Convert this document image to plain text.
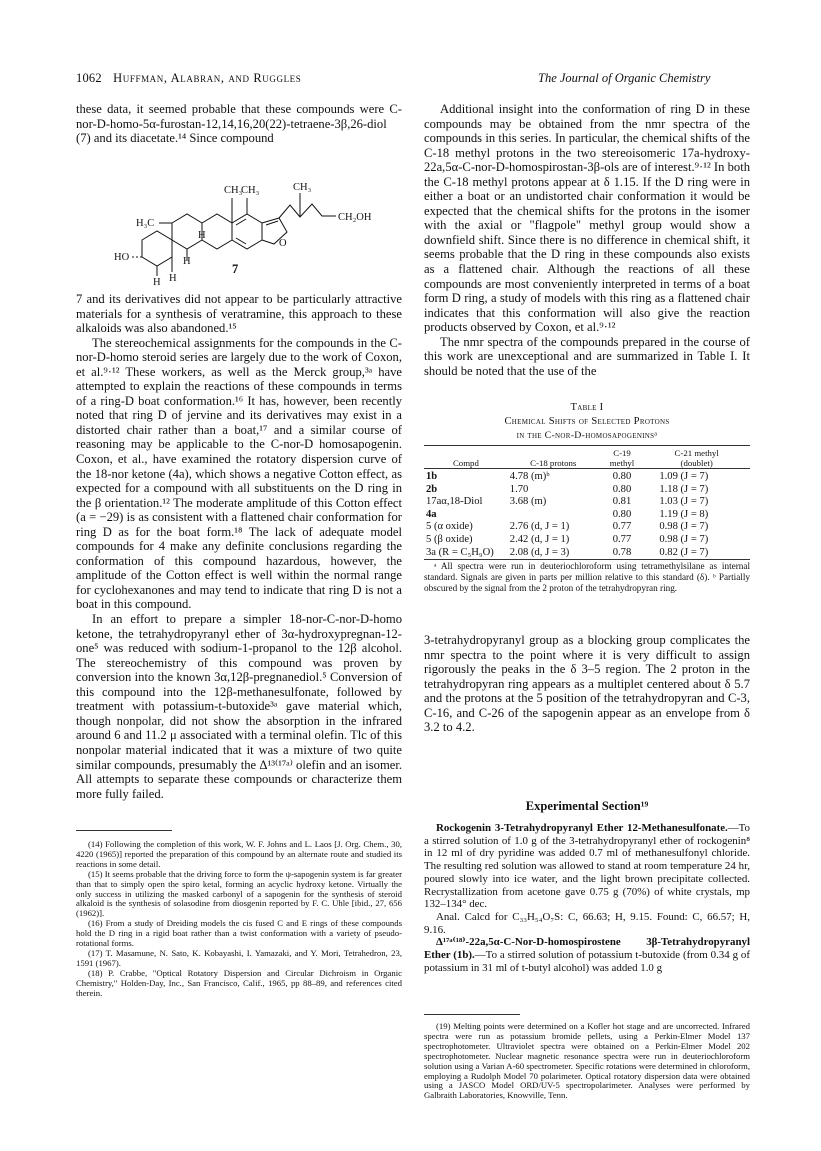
1062 Huffman, Alabran, and Ruggles	The Journal of Organic Chemistry

these data, it seemed probable that these compounds were C-nor-D-homo-5α-furostan-12,14,16,20(22)-tetraene-3β,26-diol (7) and its diacetate.¹⁴ Since compound

CH₃
CH₃	CH₃
H₃C
H
H
H H
CH₂OH
HO
O
7

7 and its derivatives did not appear to be particularly attractive materials for a synthesis of veratramine, this approach to these alkaloids was also abandoned.¹⁵

The stereochemical assignments for the compounds in the C-nor-D-homo steroid series are largely due to the work of Coxon, et al.⁹·¹² These workers, as well as the Merck group,³ᵃ have attempted to explain the reactions of these compounds in terms of a ring-D boat conformation.¹⁶ It has, however, been recently noted that ring D of jervine and its derivatives may exist in a distorted chair rather than a boat,¹⁷ and a similar course of reasoning may be applicable to the C-nor-D homosapogenin. Coxon, et al., have examined the rotatory dispersion curve of the 18-nor ketone (4a), which shows a negative Cotton effect, as expected for a compound with all substituents on the D ring in the β orientation.¹² The moderate amplitude of this Cotton effect (a = −29) is as consistent with a flattened chair conformation for ring D as for the boat form.¹⁸ The lack of adequate model compounds for 4 make any definite conclusions regarding the conformation of this compound hazardous, however, the amplitude of the Cotton effect is well within the normal range for cyclohexanones and may tend to indicate that ring D is not a boat in this compound.

In an effort to prepare a simpler 18-nor-C-nor-D-homo ketone, the tetrahydropyranyl ether of 3α-hydroxypregnan-12-one⁵ was reduced with sodium-1-propanol to the 12β alcohol. The stereochemistry of this compound was proven by conversion into the known 3α,12β-pregnanediol.⁵ Conversion of this compound into the 12β-methanesulfonate, followed by treatment with potassium-t-butoxide³ᵃ gave material which, though nonpolar, did not show the absorption in the infrared around 6 and 11.2 μ associated with a terminal olefin. Tlc of this nonpolar material indicated that it was a mixture of two quite similar compounds, presumably the Δ¹³⁽¹⁷ᵃ⁾ olefin and an isomer. All attempts to separate these compounds or characterize them more fully failed.

(14) Following the completion of this work, W. F. Johns and L. Laos [J. Org. Chem., 30, 4220 (1965)] reported the preparation of this compound by an alternate route and studied its reactions in some detail.

(15) It seems probable that the driving force to form the ψ-sapogenin system is far greater than that to simply open the spiro ketal, forming an acyclic hydroxy ketone. Virtually the only success in utilizing the masked carbonyl of a sapogenin for the synthesis of steroid alkaloid is the synthesis of solasodine from diosgenin reported by F. C. Uhle [ibid., 27, 656 (1962)].

(16) From a study of Dreiding models the cis fused C and E rings of these compounds hold the D ring in a rigid boat rather than a twist conformation with a variety of pseudo-rotational forms.

(17) T. Masamune, N. Sato, K. Kobayashi, I. Yamazaki, and Y. Mori, Tetrahedron, 23, 1591 (1967).

(18) P. Crabbe, "Optical Rotatory Dispersion and Circular Dichroism in Organic Chemistry," Holden-Day, Inc., San Francisco, Calif., 1965, pp 88–89, and references cited therein.

Additional insight into the conformation of ring D in these compounds may be obtained from the nmr spectra of the compounds in this series. In particular, the chemical shifts of the C-18 methyl protons in the two stereoisomeric 17a-hydroxy-22a,5α-C-nor-D-homospirostan-3β-ols are of interest.⁹·¹² In both the C-18 methyl protons appear at δ 1.15. If the D ring were in either a boat or an undistorted chair conformation it would be expected that the chemical shifts for the protons in the isomer with the axial or "flagpole" methyl group would show a downfield shift. Since there is no difference in chemical shift, it seems probable that the D ring in these compounds also exists as a flattened chair. Although the reactions of all these compounds are most conveniently interpreted in terms of a boat form D ring, a study of models with this ring as a flattened chair indicates that this conformation will also give the reaction products observed by Coxon, et al.⁹·¹²

The nmr spectra of the compounds prepared in the course of this work are unexceptional and are summarized in Table I. It should be noted that the use of the

Table I
Chemical Shifts of Selected Protons
in the C-nor-D-homosapogeninsᵃ

		C-19	C-21 methyl
Compd	C-18 protons	methyl	(doublet)

1b	4.78 (m)ᵇ	0.80	1.09 (J = 7)
2b	1.70	0.80	1.18 (J = 7)
17aα,18-Diol	3.68 (m)	0.81	1.03 (J = 7)
4a		0.80	1.19 (J = 8)
5 (α oxide)	2.76 (d, J = 1)	0.77	0.98 (J = 7)
5 (β oxide)	2.42 (d, J = 1)	0.77	0.98 (J = 7)
3a (R = C₅H₉O)	2.08 (d, J = 3)	0.78	0.82 (J = 7)

ᵃ All spectra were run in deuteriochloroform using tetramethylsilane as internal standard. Signals are given in parts per million relative to this standard (δ). ᵇ Partially obscured by the signal from the 2 proton of the tetrahydropyran ring.

3-tetrahydropyranyl group as a blocking group complicates the nmr spectra to the point where it is very difficult to assign rigorously the peaks in the δ 3–5 region. The 2 proton in the tetrahydropyran ring appears as a multiplet centered about δ 5.7 and the protons at the 5 position of the tetrahydropyran and C-3, C-16, and C-26 of the sapogenin appear as an envelope from δ 3.2 to 4.2.

Experimental Section¹⁹

Rockogenin 3-Tetrahydropyranyl Ether 12-Methanesulfonate.—To a stirred solution of 1.0 g of the 3-tetrahydropyranyl ether of rockogenin⁸ in 12 ml of dry pyridine was added 0.7 ml of methanesulfonyl chloride. The resulting red solution was allowed to stand at room temperature 24 hr, poured slowly into ice water, and the light brown precipitate collected. Recrystallization from acetone gave 0.75 g (70%) of white crystals, mp 132–134° dec.

Anal. Calcd for C₃₃H₅₄O₇S: C, 66.63; H, 9.15. Found: C, 66.57; H, 9.16.

Δ¹⁷ᵃ⁽¹⁸⁾-22a,5α-C-Nor-D-homospirostene 3β-Tetrahydropyranyl Ether (1b).—To a stirred solution of potassium t-butoxide (from 0.34 g of potassium in 31 ml of t-butyl alcohol) was added 1.0 g

(19) Melting points were determined on a Kofler hot stage and are uncorrected. Infrared spectra were run as potassium bromide pellets, using a Perkin-Elmer Model 137 spectrophotometer. Ultraviolet spectra were obtained on a Perkin-Elmer Model 202 spectrophotometer. Nuclear magnetic resonance spectra were run in deuteriochloroform solution using a Varian A-60 spectrometer. Specific rotations were determined in chloroform, employing a Rudolph Model 70 polarimeter. Optical rotatory dispersion data were obtained using a JASCO Model ORD/UV-5 spectropolarimeter. Analyses were performed by Galbraith Laboratories, Knowville, Tenn.
